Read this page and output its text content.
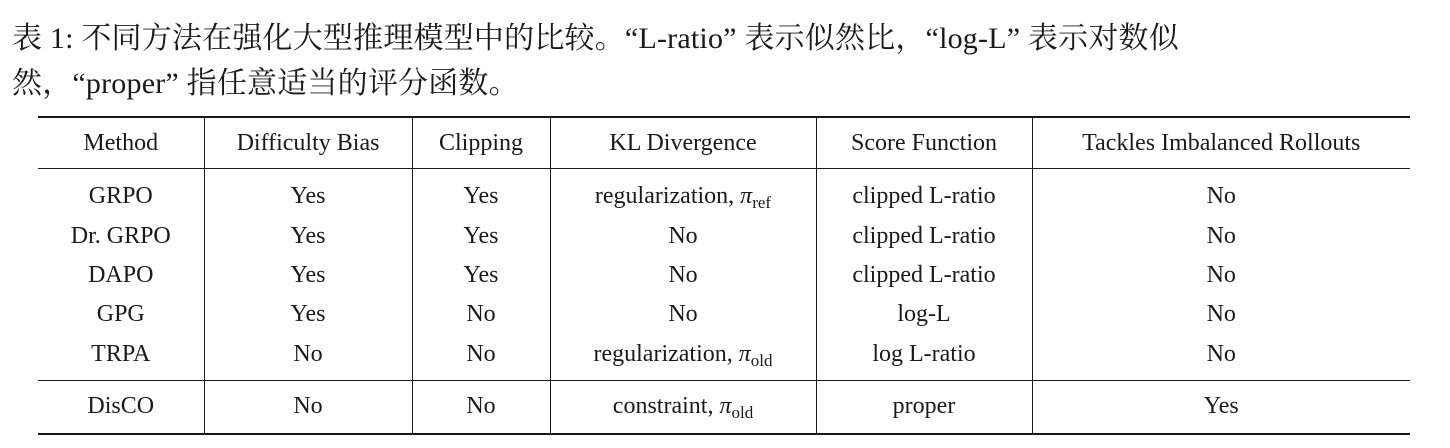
表 1: 不同方法在强化大型推理模型中的比较。“L-ratio” 表示似然比，“log-L” 表示对数似
然，“proper” 指任意适当的评分函数。
Method	Difficulty Bias	Clipping	KL Divergence	Score Function	Tackles Imbalanced Rollouts
GRPO	Yes	Yes	regularization, $\pi_{ref}$	clipped L-ratio	No
Dr. GRPO	Yes	Yes	No	clipped L-ratio	No
DAPO	Yes	Yes	No	clipped L-ratio	No
GPG	Yes	No	No	log-L	No
TRPA	No	No	regularization, $\pi_{old}$	log L-ratio	No
DisCO	No	No	constraint, $\pi_{old}$	proper	Yes
